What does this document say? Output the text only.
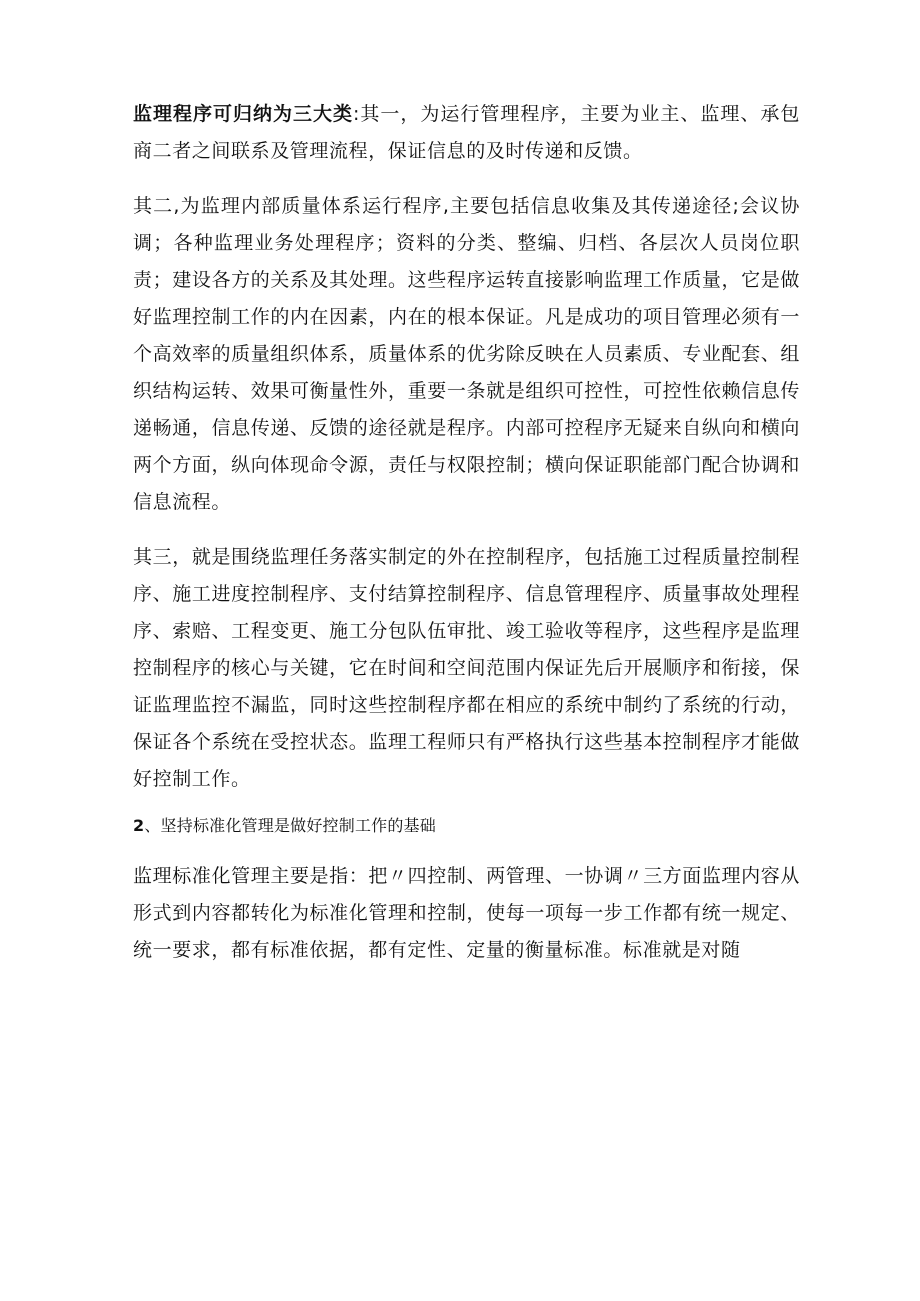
监理程序可归纳为三大类:其一，为运行管理程序，主要为业主、监理、承包商二者之间联系及管理流程，保证信息的及时传递和反馈。

其二,为监理内部质量体系运行程序,主要包括信息收集及其传递途径;会议协调；各种监理业务处理程序；资料的分类、整编、归档、各层次人员岗位职责；建设各方的关系及其处理。这些程序运转直接影响监理工作质量，它是做好监理控制工作的内在因素，内在的根本保证。凡是成功的项目管理必须有一个高效率的质量组织体系，质量体系的优劣除反映在人员素质、专业配套、组织结构运转、效果可衡量性外，重要一条就是组织可控性，可控性依赖信息传递畅通，信息传递、反馈的途径就是程序。内部可控程序无疑来自纵向和横向两个方面，纵向体现命令源，责任与权限控制；横向保证职能部门配合协调和信息流程。

其三，就是围绕监理任务落实制定的外在控制程序，包括施工过程质量控制程序、施工进度控制程序、支付结算控制程序、信息管理程序、质量事故处理程序、索赔、工程变更、施工分包队伍审批、竣工验收等程序，这些程序是监理控制程序的核心与关键，它在时间和空间范围内保证先后开展顺序和衔接，保证监理监控不漏监，同时这些控制程序都在相应的系统中制约了系统的行动，保证各个系统在受控状态。监理工程师只有严格执行这些基本控制程序才能做好控制工作。

2、坚持标准化管理是做好控制工作的基础

监理标准化管理主要是指：把〃四控制、两管理、一协调〃三方面监理内容从形式到内容都转化为标准化管理和控制，使每一项每一步工作都有统一规定、统一要求，都有标准依据，都有定性、定量的衡量标准。标准就是对随
